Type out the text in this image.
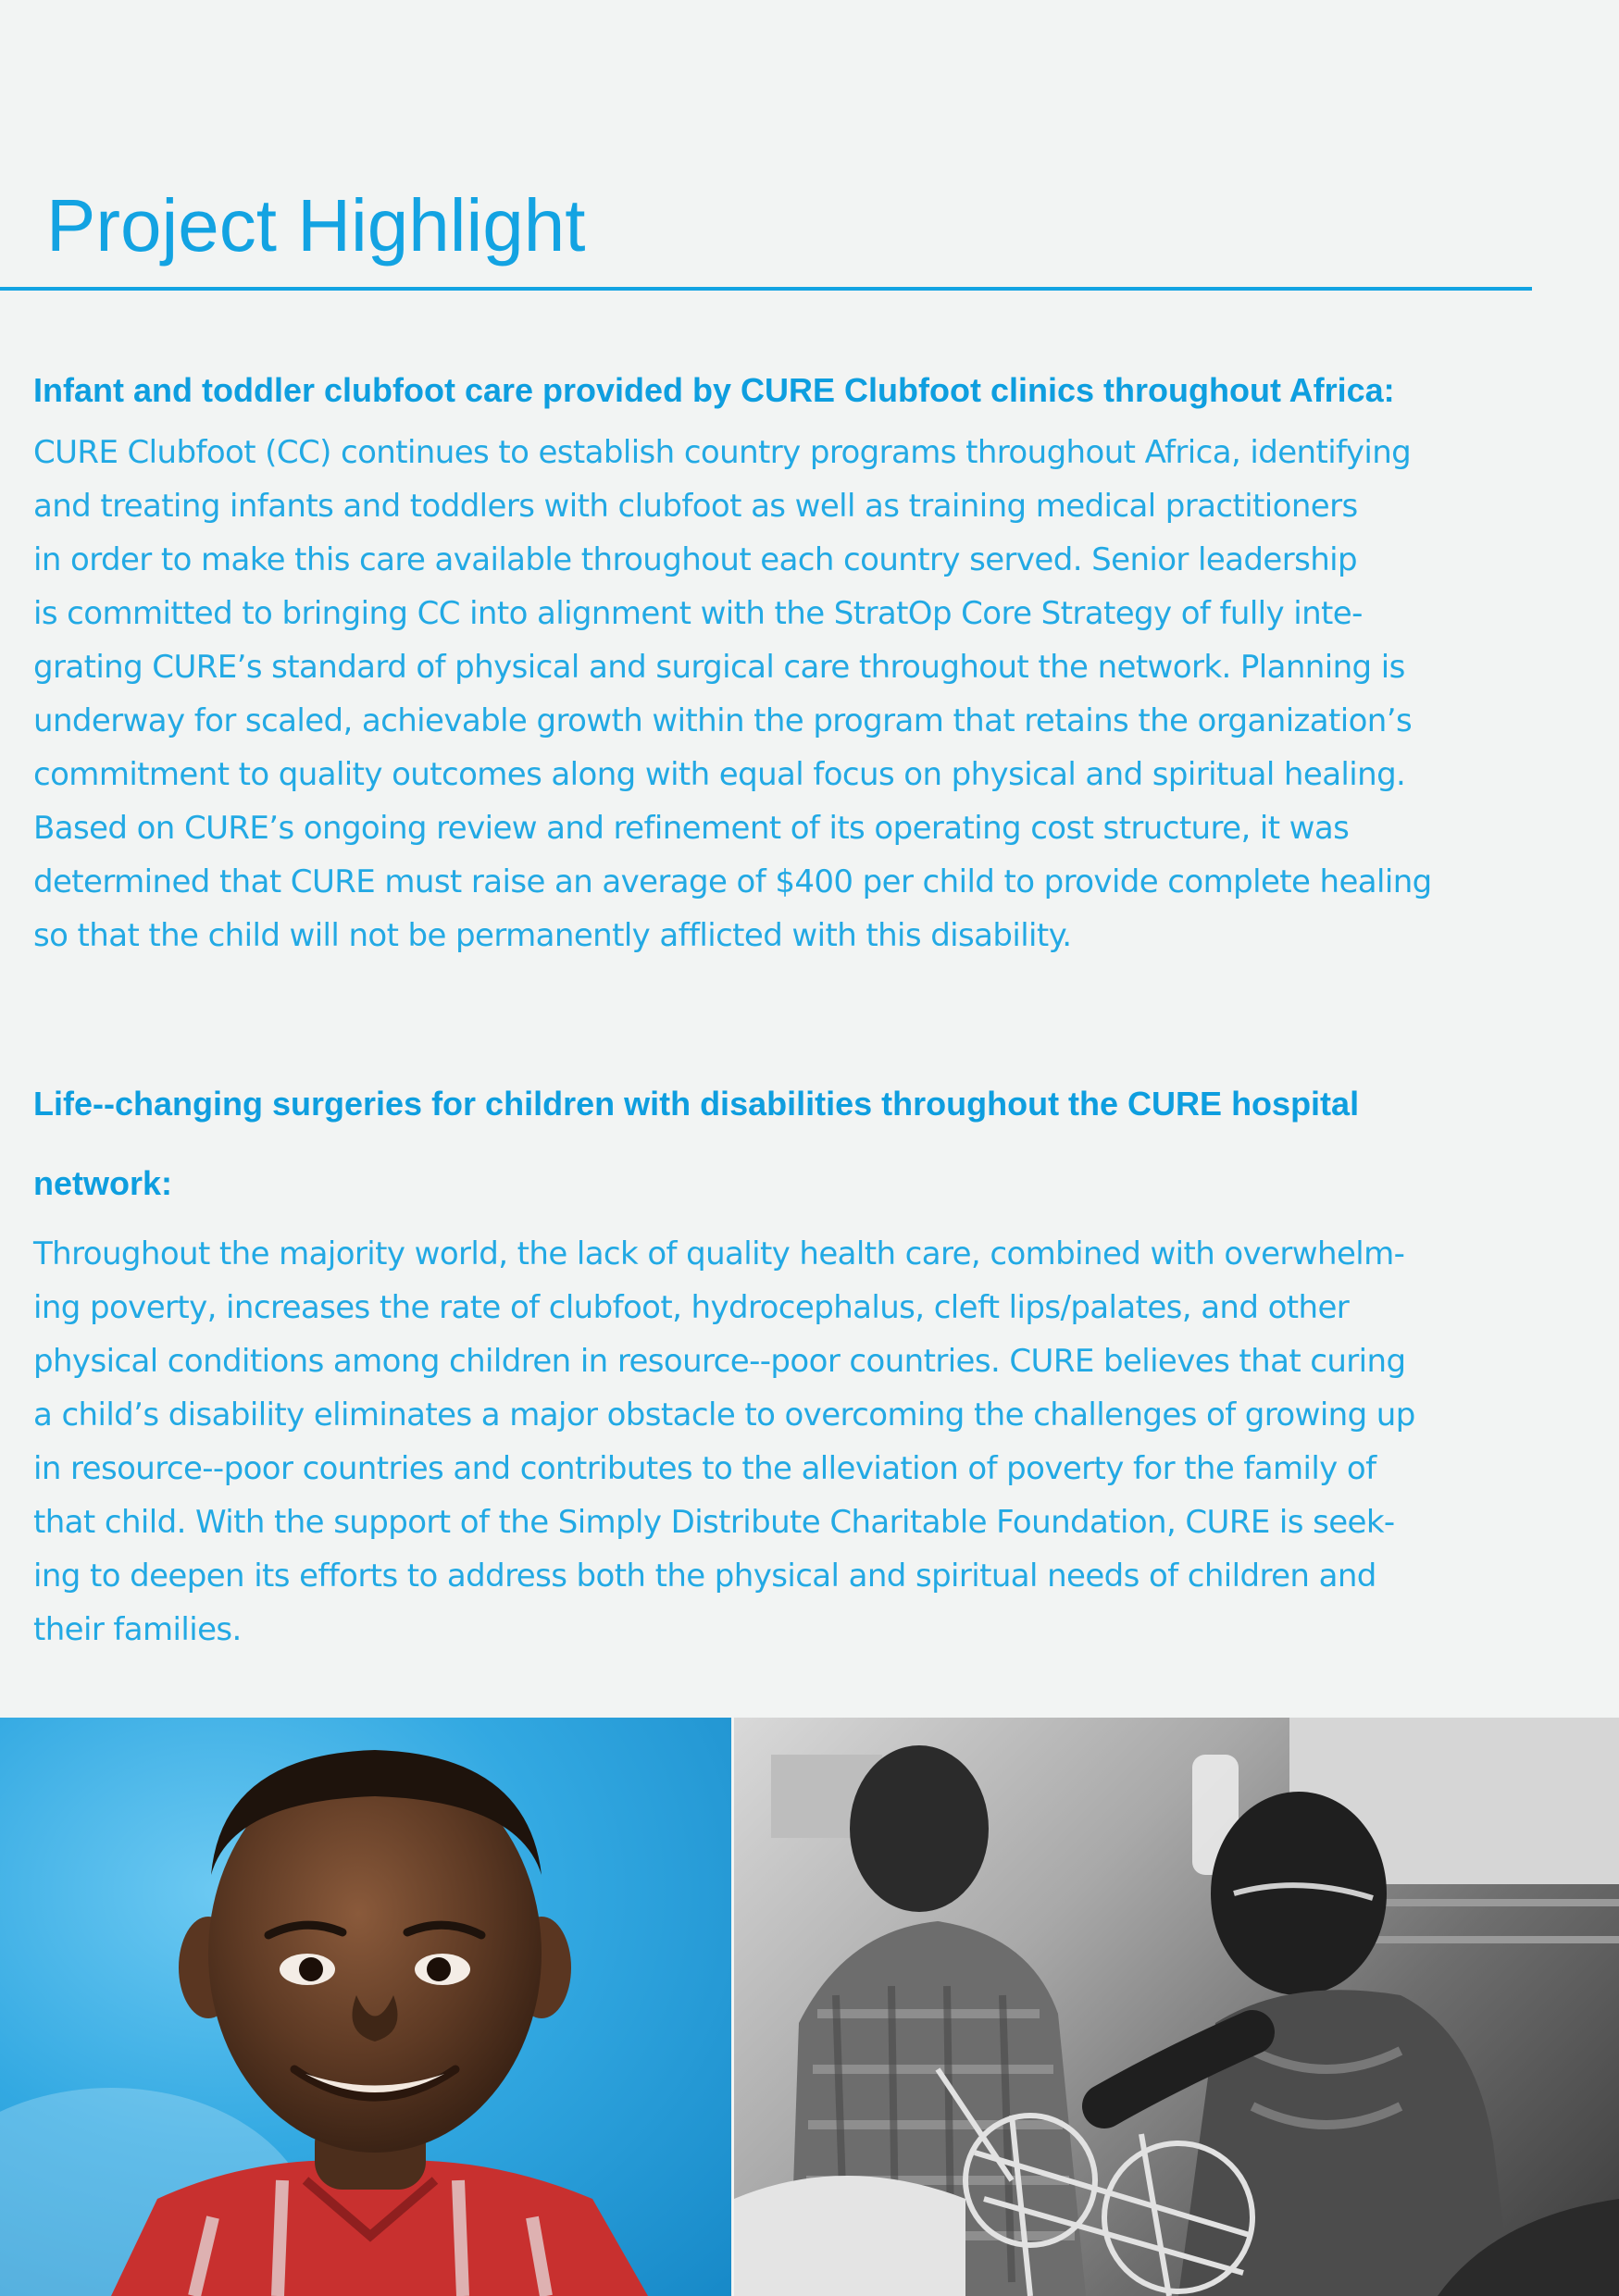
Project Highlight
Infant and toddler clubfoot care provided by CURE Clubfoot clinics throughout Africa:

CURE Clubfoot (CC) continues to establish country programs throughout Africa, identifying
and treating infants and toddlers with clubfoot as well as training medical practitioners
in order to make this care available throughout each country served. Senior leadership
is committed to bringing CC into alignment with the StratOp Core Strategy of fully inte-
grating CURE’s standard of physical and surgical care throughout the network. Planning is
underway for scaled, achievable growth within the program that retains the organization’s
commitment to quality outcomes along with equal focus on physical and spiritual healing.
Based on CURE’s ongoing review and refinement of its operating cost structure, it was
determined that CURE must raise an average of $400 per child to provide complete healing
so that the child will not be permanently afflicted with this disability.

Life--changing surgeries for children with disabilities throughout the CURE hospital
network:

Throughout the majority world, the lack of quality health care, combined with overwhelm-
ing poverty, increases the rate of clubfoot, hydrocephalus, cleft lips/palates, and other
physical conditions among children in resource--poor countries. CURE believes that curing
a child’s disability eliminates a major obstacle to overcoming the challenges of growing up
in resource--poor countries and contributes to the alleviation of poverty for the family of
that child. With the support of the Simply Distribute Charitable Foundation, CURE is seek-
ing to deepen its efforts to address both the physical and spiritual needs of children and
their families.
